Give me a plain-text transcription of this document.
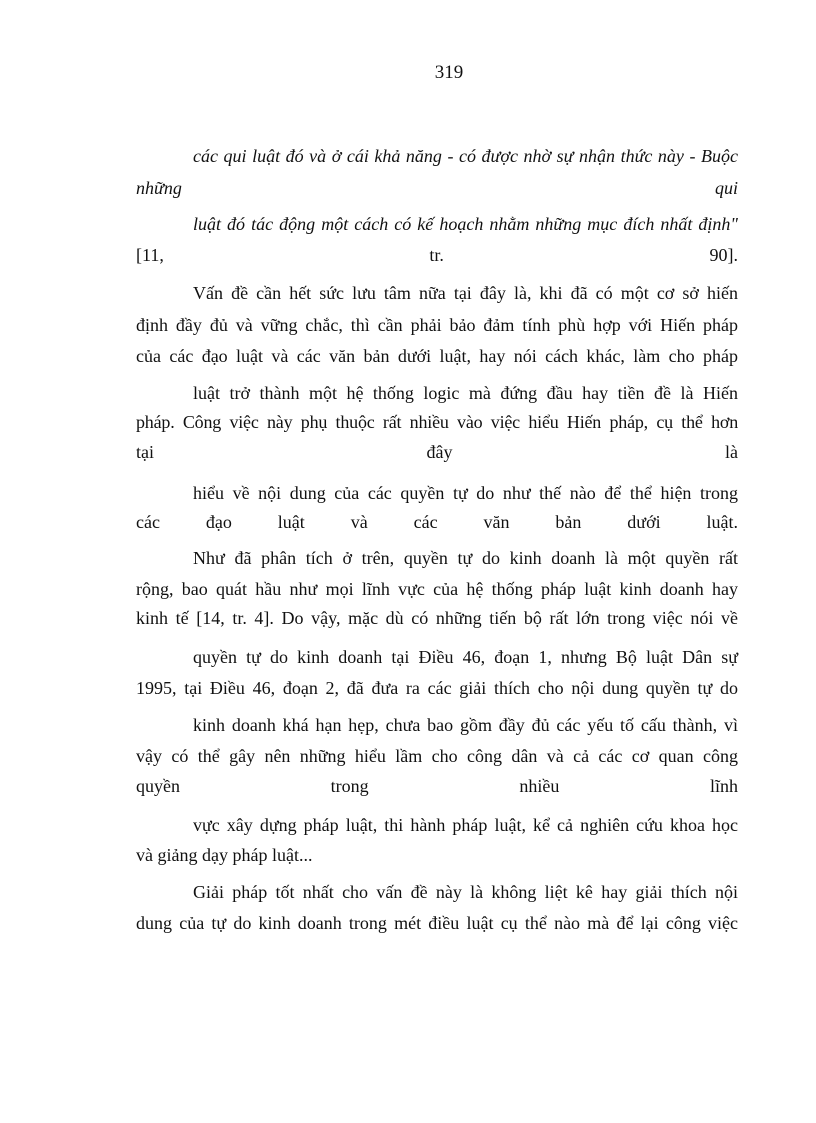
319
các qui luật đó và ở cái khả năng - có được nhờ sự nhận thức này - Buộc
những qui
luật đó tác động một cách có kế hoạch nhằm những mục đích nhất định"
[11, tr. 90].
Vấn đề cần hết sức lưu tâm nữa tại đây là, khi đã có một cơ sở hiến
định đầy đủ và vững chắc, thì cần phải bảo đảm tính phù hợp với Hiến pháp
của các đạo luật và các văn bản dưới luật, hay nói cách khác, làm cho pháp
luật trở thành một hệ thống logic mà đứng đầu hay tiền đề là Hiến
pháp. Công việc này phụ thuộc rất nhiều vào việc hiểu Hiến pháp, cụ thể hơn
tại đây là
hiểu về nội dung của các quyền tự do như thế nào để thể hiện trong
các đạo luật và các văn bản dưới luật.
Như đã phân tích ở trên, quyền tự do kinh doanh là một quyền rất
rộng, bao quát hầu như mọi lĩnh vực của hệ thống pháp luật kinh doanh hay
kinh tế [14, tr. 4]. Do vậy, mặc dù có những tiến bộ rất lớn trong việc nói về
quyền tự do kinh doanh tại Điều 46, đoạn 1, nhưng Bộ luật Dân sự
1995, tại Điều 46, đoạn 2, đã đưa ra các giải thích cho nội dung quyền tự do
kinh doanh khá hạn hẹp, chưa bao gồm đầy đủ các yếu tố cấu thành, vì
vậy có thể gây nên những hiểu lầm cho công dân và cả các cơ quan công
quyền trong nhiều lĩnh
vực xây dựng pháp luật, thi hành pháp luật, kể cả nghiên cứu khoa học
và giảng dạy pháp luật...
Giải pháp tốt nhất cho vấn đề này là không liệt kê hay giải thích nội
dung của tự do kinh doanh trong mét điều luật cụ thể nào mà để lại công việc
